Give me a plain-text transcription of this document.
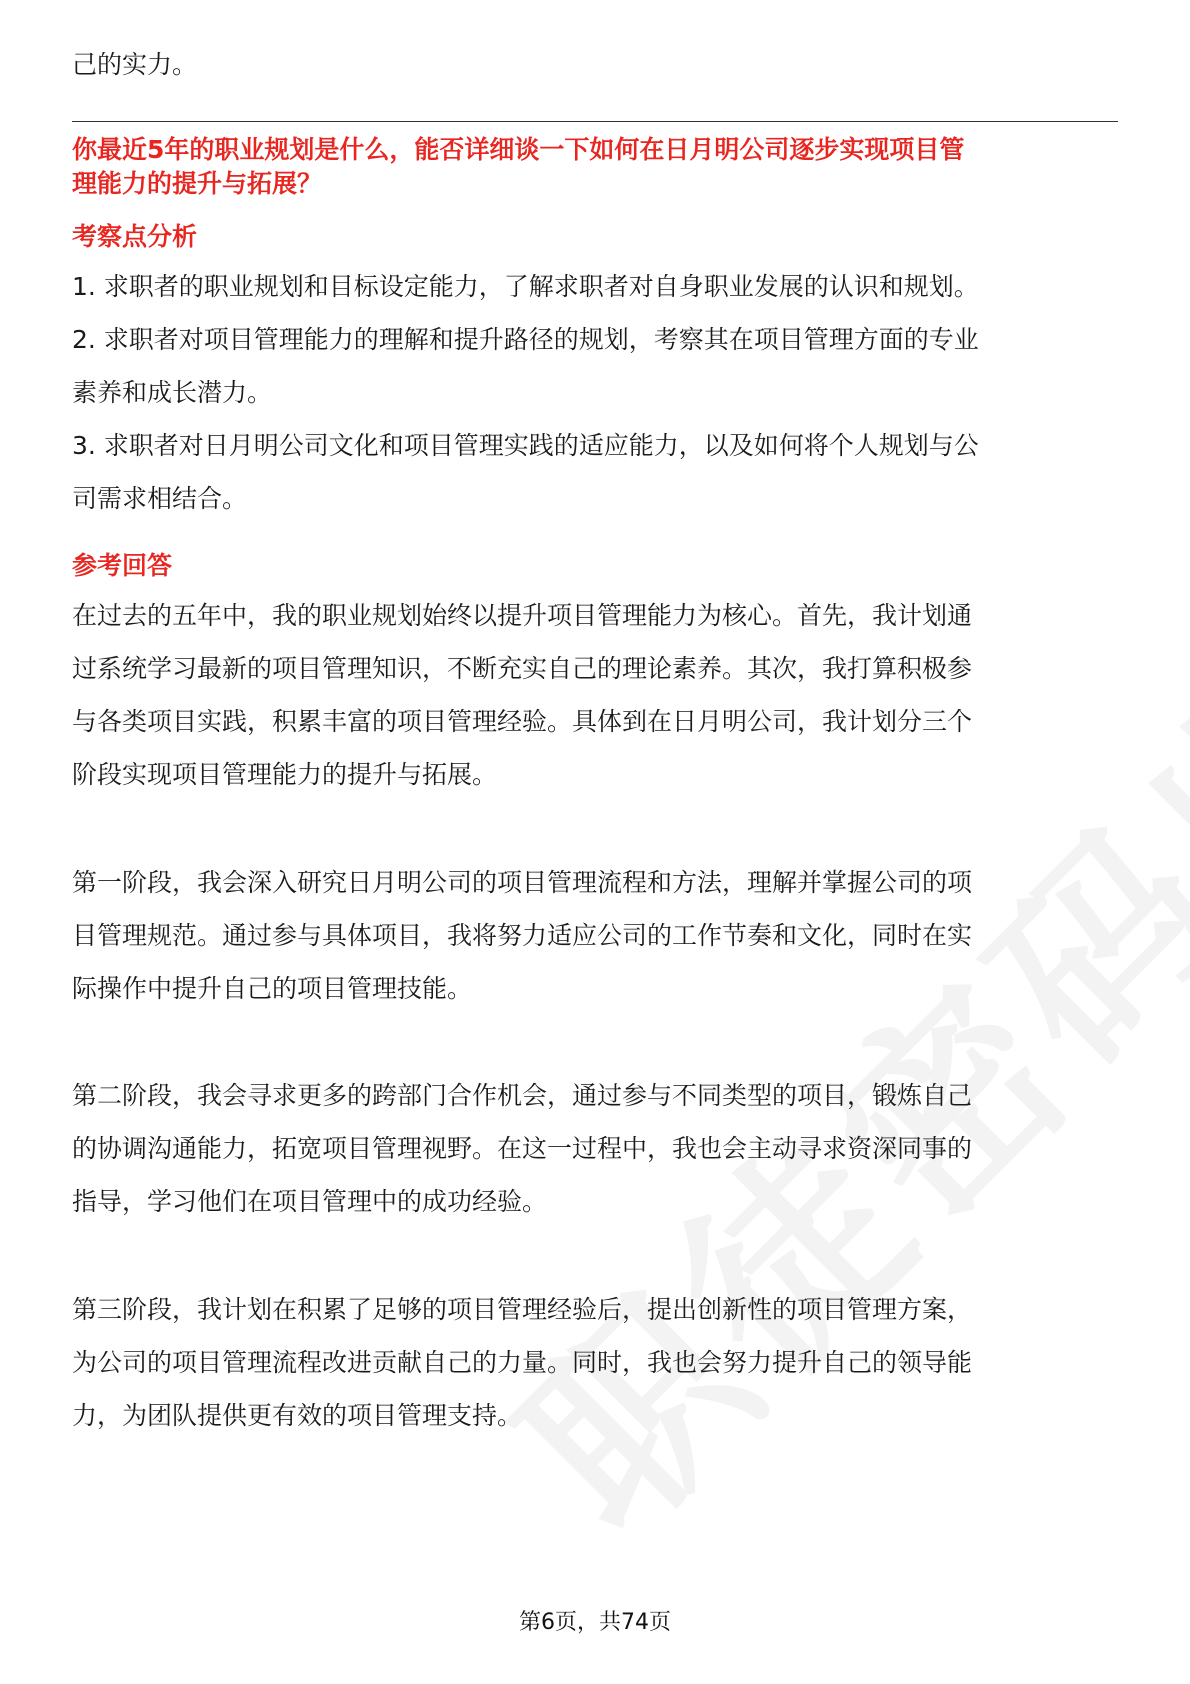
己的实力。
你最近5年的职业规划是什么，能否详细谈一下如何在日月明公司逐步实现项目管
理能力的提升与拓展？
考察点分析
1. 求职者的职业规划和目标设定能力，了解求职者对自身职业发展的认识和规划。
2. 求职者对项目管理能力的理解和提升路径的规划，考察其在项目管理方面的专业
素养和成长潜力。
3. 求职者对日月明公司文化和项目管理实践的适应能力，以及如何将个人规划与公
司需求相结合。
参考回答
在过去的五年中，我的职业规划始终以提升项目管理能力为核心。首先，我计划通
过系统学习最新的项目管理知识，不断充实自己的理论素养。其次，我打算积极参
与各类项目实践，积累丰富的项目管理经验。具体到在日月明公司，我计划分三个
阶段实现项目管理能力的提升与拓展。
第一阶段，我会深入研究日月明公司的项目管理流程和方法，理解并掌握公司的项
目管理规范。通过参与具体项目，我将努力适应公司的工作节奏和文化，同时在实
际操作中提升自己的项目管理技能。
第二阶段，我会寻求更多的跨部门合作机会，通过参与不同类型的项目，锻炼自己
的协调沟通能力，拓宽项目管理视野。在这一过程中，我也会主动寻求资深同事的
指导，学习他们在项目管理中的成功经验。
第三阶段，我计划在积累了足够的项目管理经验后，提出创新性的项目管理方案，
为公司的项目管理流程改进贡献自己的力量。同时，我也会努力提升自己的领导能
力，为团队提供更有效的项目管理支持。
第6页，共74页
